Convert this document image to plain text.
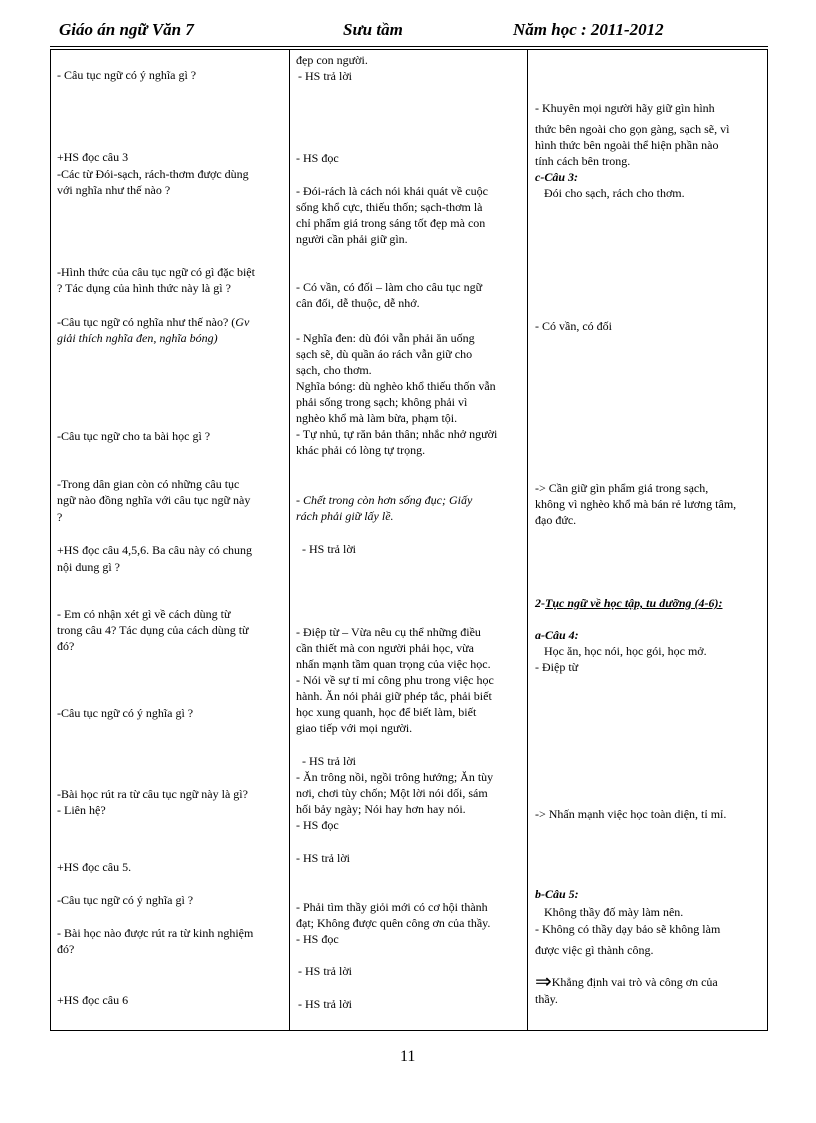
Giáo án ngữ Văn 7	Sưu tầm	Năm học : 2011-2012
- Câu tục ngữ có ý nghĩa gì ?
+HS đọc câu 3
-Các từ Đói-sạch, rách-thơm được dùng
với nghĩa như thế nào ?
-Hình thức của câu tục ngữ có gì đặc biệt
? Tác dụng của hình thức này là gì ?
-Câu tục ngữ có nghĩa như thế nào? (Gv
giải thích nghĩa đen, nghĩa bóng)
-Câu tục ngữ cho ta bài học gì ?
-Trong dân gian còn có những câu tục
ngữ nào đồng nghĩa với câu tục ngữ này
?
+HS đọc câu 4,5,6. Ba câu này có chung
nội dung gì ?
- Em có nhận xét gì về cách dùng từ
trong câu 4? Tác dụng của cách dùng từ
đó?
-Câu tục ngữ có ý nghĩa gì ?
-Bài học rút ra từ câu tục ngữ này là gì?
- Liên hệ?
+HS đọc câu 5.
-Câu tục ngữ có ý nghĩa gì ?
- Bài học nào được rút ra từ kinh nghiệm
đó?
+HS đọc câu 6
đẹp con người.
- HS trả lời
- HS đọc
- Đói-rách là cách nói khái quát về cuộc
sống khổ cực, thiếu thốn; sạch-thơm là
chỉ phẩm giá trong sáng tốt đẹp mà con
người cần phải giữ gìn.
- Có vần, có đối – làm cho câu tục ngữ
cân đối, dễ thuộc, dễ nhớ.
- Nghĩa đen: dù đói vẫn phải ăn uống
sạch sẽ, dù quần áo rách vẫn giữ cho
sạch, cho thơm.
Nghĩa bóng: dù nghèo khổ thiếu thốn vẫn
phải sống trong sạch; không phải vì
nghèo khổ mà làm bừa, phạm tội.
- Tự nhủ, tự răn bản thân; nhắc nhở người
khác phải có lòng tự trọng.
- Chết trong còn hơn sống đục; Giấy
rách phải giữ lấy lề.
- HS trả lời
- Điệp từ – Vừa nêu cụ thể những điều
cần thiết mà con người phải học, vừa
nhấn mạnh tầm quan trọng của việc học.
- Nói về sự tỉ mỉ công phu trong việc học
hành. Ăn nói phải giữ phép tắc, phải biết
học xung quanh, học để biết làm, biết
giao tiếp với mọi người.
- HS trả lời
- Ăn trông nồi, ngồi trông hướng; Ăn tùy
nơi, chơi tùy chốn; Một lời nói dối, sám
hối bảy ngày; Nói hay hơn hay nói.
- HS đọc
- HS trả lời
- Phải tìm thầy giỏi mới có cơ hội thành
đạt; Không được quên công ơn của thầy.
- HS đọc
- HS trả lời
- HS trả lời
- Khuyên mọi người hãy giữ gìn hình
thức bên ngoài cho gọn gàng, sạch sẽ, vì
hình thức bên ngoài thể hiện phần nào
tính cách bên trong.
c-Câu 3:
Đói cho sạch, rách cho thơm.
- Có vần, có đối
-> Cần giữ gìn phẩm giá trong sạch,
không vì nghèo khổ mà bán rẻ lương tâm,
đạo đức.
2-Tục ngữ về học tập, tu dưỡng (4-6):
a-Câu 4:
Học ăn, học nói, học gói, học mở.
- Điệp từ
-> Nhấn mạnh việc học toàn diện, tỉ mỉ.
b-Câu 5:
Không thầy đố mày làm nên.
- Không có thầy dạy bảo sẽ không làm
được việc gì thành công.
⇒Khẳng định vai trò và công ơn của
thầy.
11
